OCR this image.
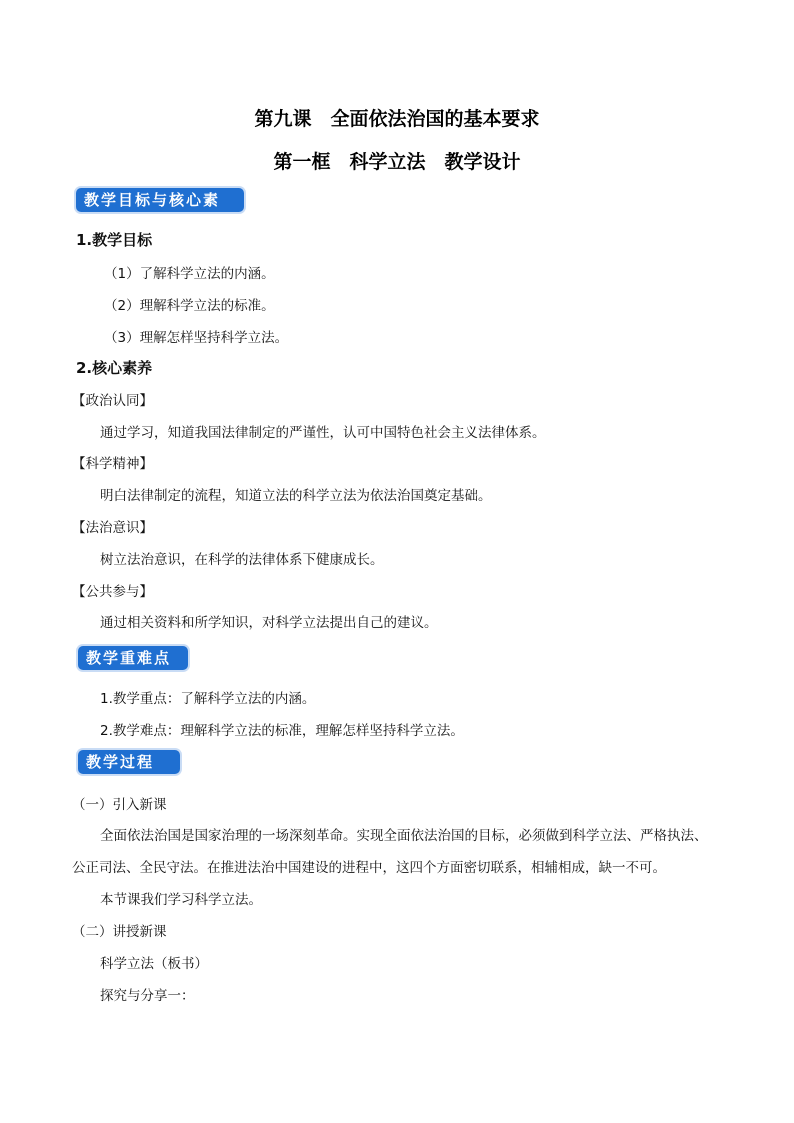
第九课　全面依法治国的基本要求
第一框　科学立法　教学设计
教学目标与核心素养
1.教学目标
（1）了解科学立法的内涵。
（2）理解科学立法的标准。
（3）理解怎样坚持科学立法。
2.核心素养
【政治认同】
通过学习，知道我国法律制定的严谨性，认可中国特色社会主义法律体系。
【科学精神】
明白法律制定的流程，知道立法的科学立法为依法治国奠定基础。
【法治意识】
树立法治意识，在科学的法律体系下健康成长。
【公共参与】
通过相关资料和所学知识，对科学立法提出自己的建议。
教学重难点
1.教学重点：了解科学立法的内涵。
2.教学难点：理解科学立法的标准，理解怎样坚持科学立法。
教学过程
（一）引入新课
全面依法治国是国家治理的一场深刻革命。实现全面依法治国的目标，必须做到科学立法、严格执法、
公正司法、全民守法。在推进法治中国建设的进程中，这四个方面密切联系，相辅相成，缺一不可。
本节课我们学习科学立法。
（二）讲授新课
科学立法（板书）
探究与分享一：
